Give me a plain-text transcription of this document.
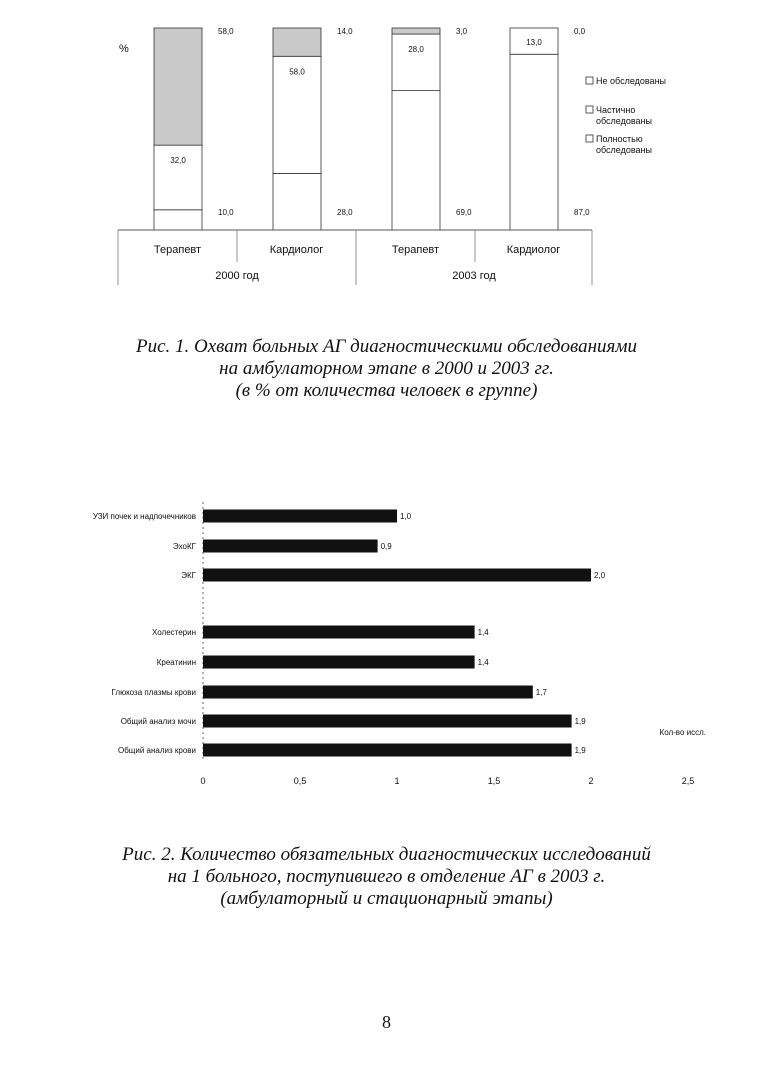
%
32,0
10,0
58,0
58,0
28,0
14,0
28,0
69,0
3,0
13,0
87,0
0,0
Терапевт	Кардиолог	Терапевт	Кардиолог
2000 год	2003 год
Не обследованы
Частично
обследованы
Полностью
обследованы
Рис. 1. Охват больных АГ диагностическими обследованиями
на амбулаторном этапе в 2000 и 2003 гг.
(в % от количества человек в группе)
УЗИ почек и надпочечников	1,0
ЭхоКГ	0,9
ЭКГ	2,0
Холестерин	1,4
Креатинин	1,4
Глюкоза плазмы крови	1,7
Общий анализ мочи	1,9
Общий анализ крови	1,9
0	0,5	1	1,5	2	2,5
Кол-во иссл.
Рис. 2. Количество обязательных диагностических исследований
на 1 больного, поступившего в отделение АГ в 2003 г.
(амбулаторный и стационарный этапы)
8
